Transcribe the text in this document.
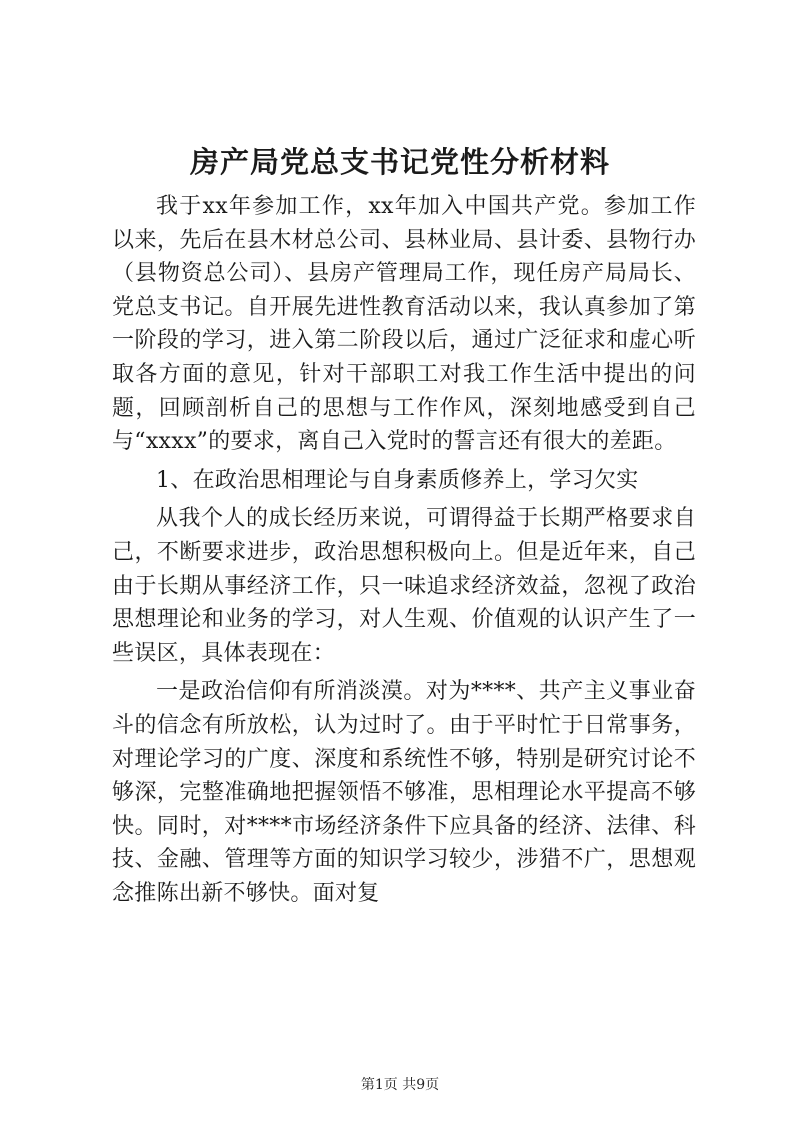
房产局党总支书记党性分析材料

我于xx年参加工作，xx年加入中国共产党。参加工作以来，先后在县木材总公司、县林业局、县计委、县物行办（县物资总公司）、县房产管理局工作，现任房产局局长、党总支书记。自开展先进性教育活动以来，我认真参加了第一阶段的学习，进入第二阶段以后，通过广泛征求和虚心听取各方面的意见，针对干部职工对我工作生活中提出的问题，回顾剖析自己的思想与工作作风，深刻地感受到自己与“xxxx”的要求，离自己入党时的誓言还有很大的差距。

1、在政治思相理论与自身素质修养上，学习欠实

从我个人的成长经历来说，可谓得益于长期严格要求自己，不断要求进步，政治思想积极向上。但是近年来，自己由于长期从事经济工作，只一味追求经济效益，忽视了政治思想理论和业务的学习，对人生观、价值观的认识产生了一些误区，具体表现在：

一是政治信仰有所消淡漠。对为****、共产主义事业奋斗的信念有所放松，认为过时了。由于平时忙于日常事务，对理论学习的广度、深度和系统性不够，特别是研究讨论不够深，完整准确地把握领悟不够准，思相理论水平提高不够快。同时，对****市场经济条件下应具备的经济、法律、科技、金融、管理等方面的知识学习较少，涉猎不广，思想观念推陈出新不够快。面对复

第1页 共9页
